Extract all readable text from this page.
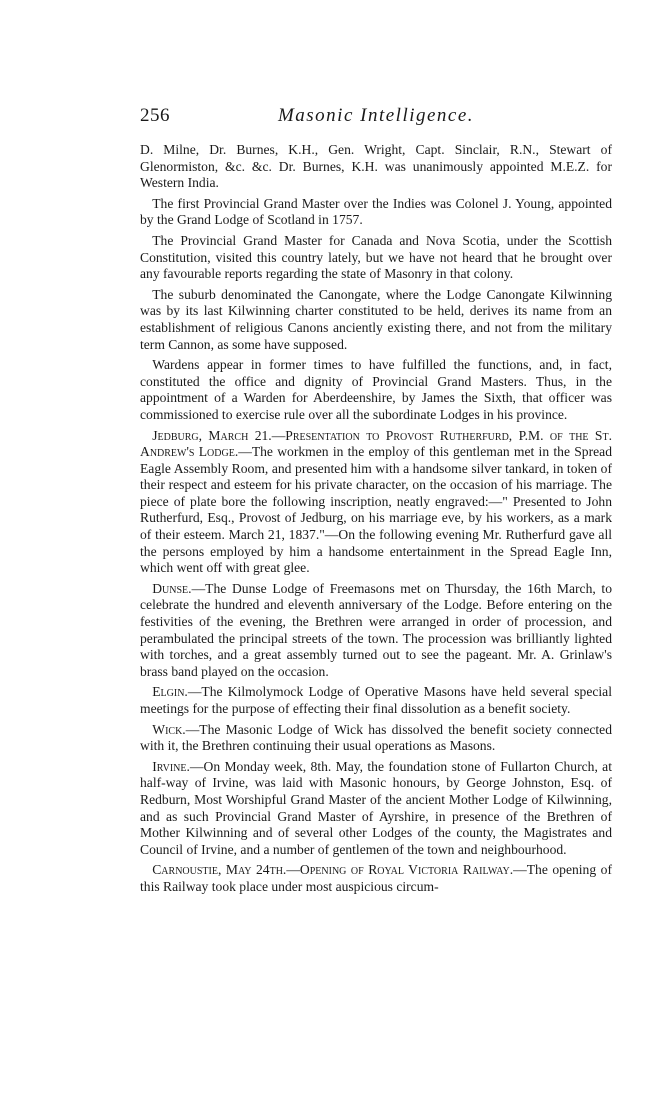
256	Masonic Intelligence.

D. Milne, Dr. Burnes, K.H., Gen. Wright, Capt. Sinclair, R.N., Stewart of Glenormiston, &c. &c. Dr. Burnes, K.H. was unanimously appointed M.E.Z. for Western India.

The first Provincial Grand Master over the Indies was Colonel J. Young, appointed by the Grand Lodge of Scotland in 1757.

The Provincial Grand Master for Canada and Nova Scotia, under the Scottish Constitution, visited this country lately, but we have not heard that he brought over any favourable reports regarding the state of Masonry in that colony.

The suburb denominated the Canongate, where the Lodge Canongate Kilwinning was by its last Kilwinning charter constituted to be held, derives its name from an establishment of religious Canons anciently existing there, and not from the military term Cannon, as some have supposed.

Wardens appear in former times to have fulfilled the functions, and, in fact, constituted the office and dignity of Provincial Grand Masters. Thus, in the appointment of a Warden for Aberdeenshire, by James the Sixth, that officer was commissioned to exercise rule over all the subordinate Lodges in his province.

Jedburg, March 21.—Presentation to Provost Rutherfurd, P.M. of the St. Andrew's Lodge.—The workmen in the employ of this gentleman met in the Spread Eagle Assembly Room, and presented him with a handsome silver tankard, in token of their respect and esteem for his private character, on the occasion of his marriage. The piece of plate bore the following inscription, neatly engraved:—" Presented to John Rutherfurd, Esq., Provost of Jedburg, on his marriage eve, by his workers, as a mark of their esteem. March 21, 1837."—On the following evening Mr. Rutherfurd gave all the persons employed by him a handsome entertainment in the Spread Eagle Inn, which went off with great glee.

Dunse.—The Dunse Lodge of Freemasons met on Thursday, the 16th March, to celebrate the hundred and eleventh anniversary of the Lodge. Before entering on the festivities of the evening, the Brethren were arranged in order of procession, and perambulated the principal streets of the town. The procession was brilliantly lighted with torches, and a great assembly turned out to see the pageant. Mr. A. Grinlaw's brass band played on the occasion.

Elgin.—The Kilmolymock Lodge of Operative Masons have held several special meetings for the purpose of effecting their final dissolution as a benefit society.

Wick.—The Masonic Lodge of Wick has dissolved the benefit society connected with it, the Brethren continuing their usual operations as Masons.

Irvine.—On Monday week, 8th. May, the foundation stone of Fullarton Church, at half-way of Irvine, was laid with Masonic honours, by George Johnston, Esq. of Redburn, Most Worshipful Grand Master of the ancient Mother Lodge of Kilwinning, and as such Provincial Grand Master of Ayrshire, in presence of the Brethren of Mother Kilwinning and of several other Lodges of the county, the Magistrates and Council of Irvine, and a number of gentlemen of the town and neighbourhood.

Carnoustie, May 24th.—Opening of Royal Victoria Railway.—The opening of this Railway took place under most auspicious circum-
